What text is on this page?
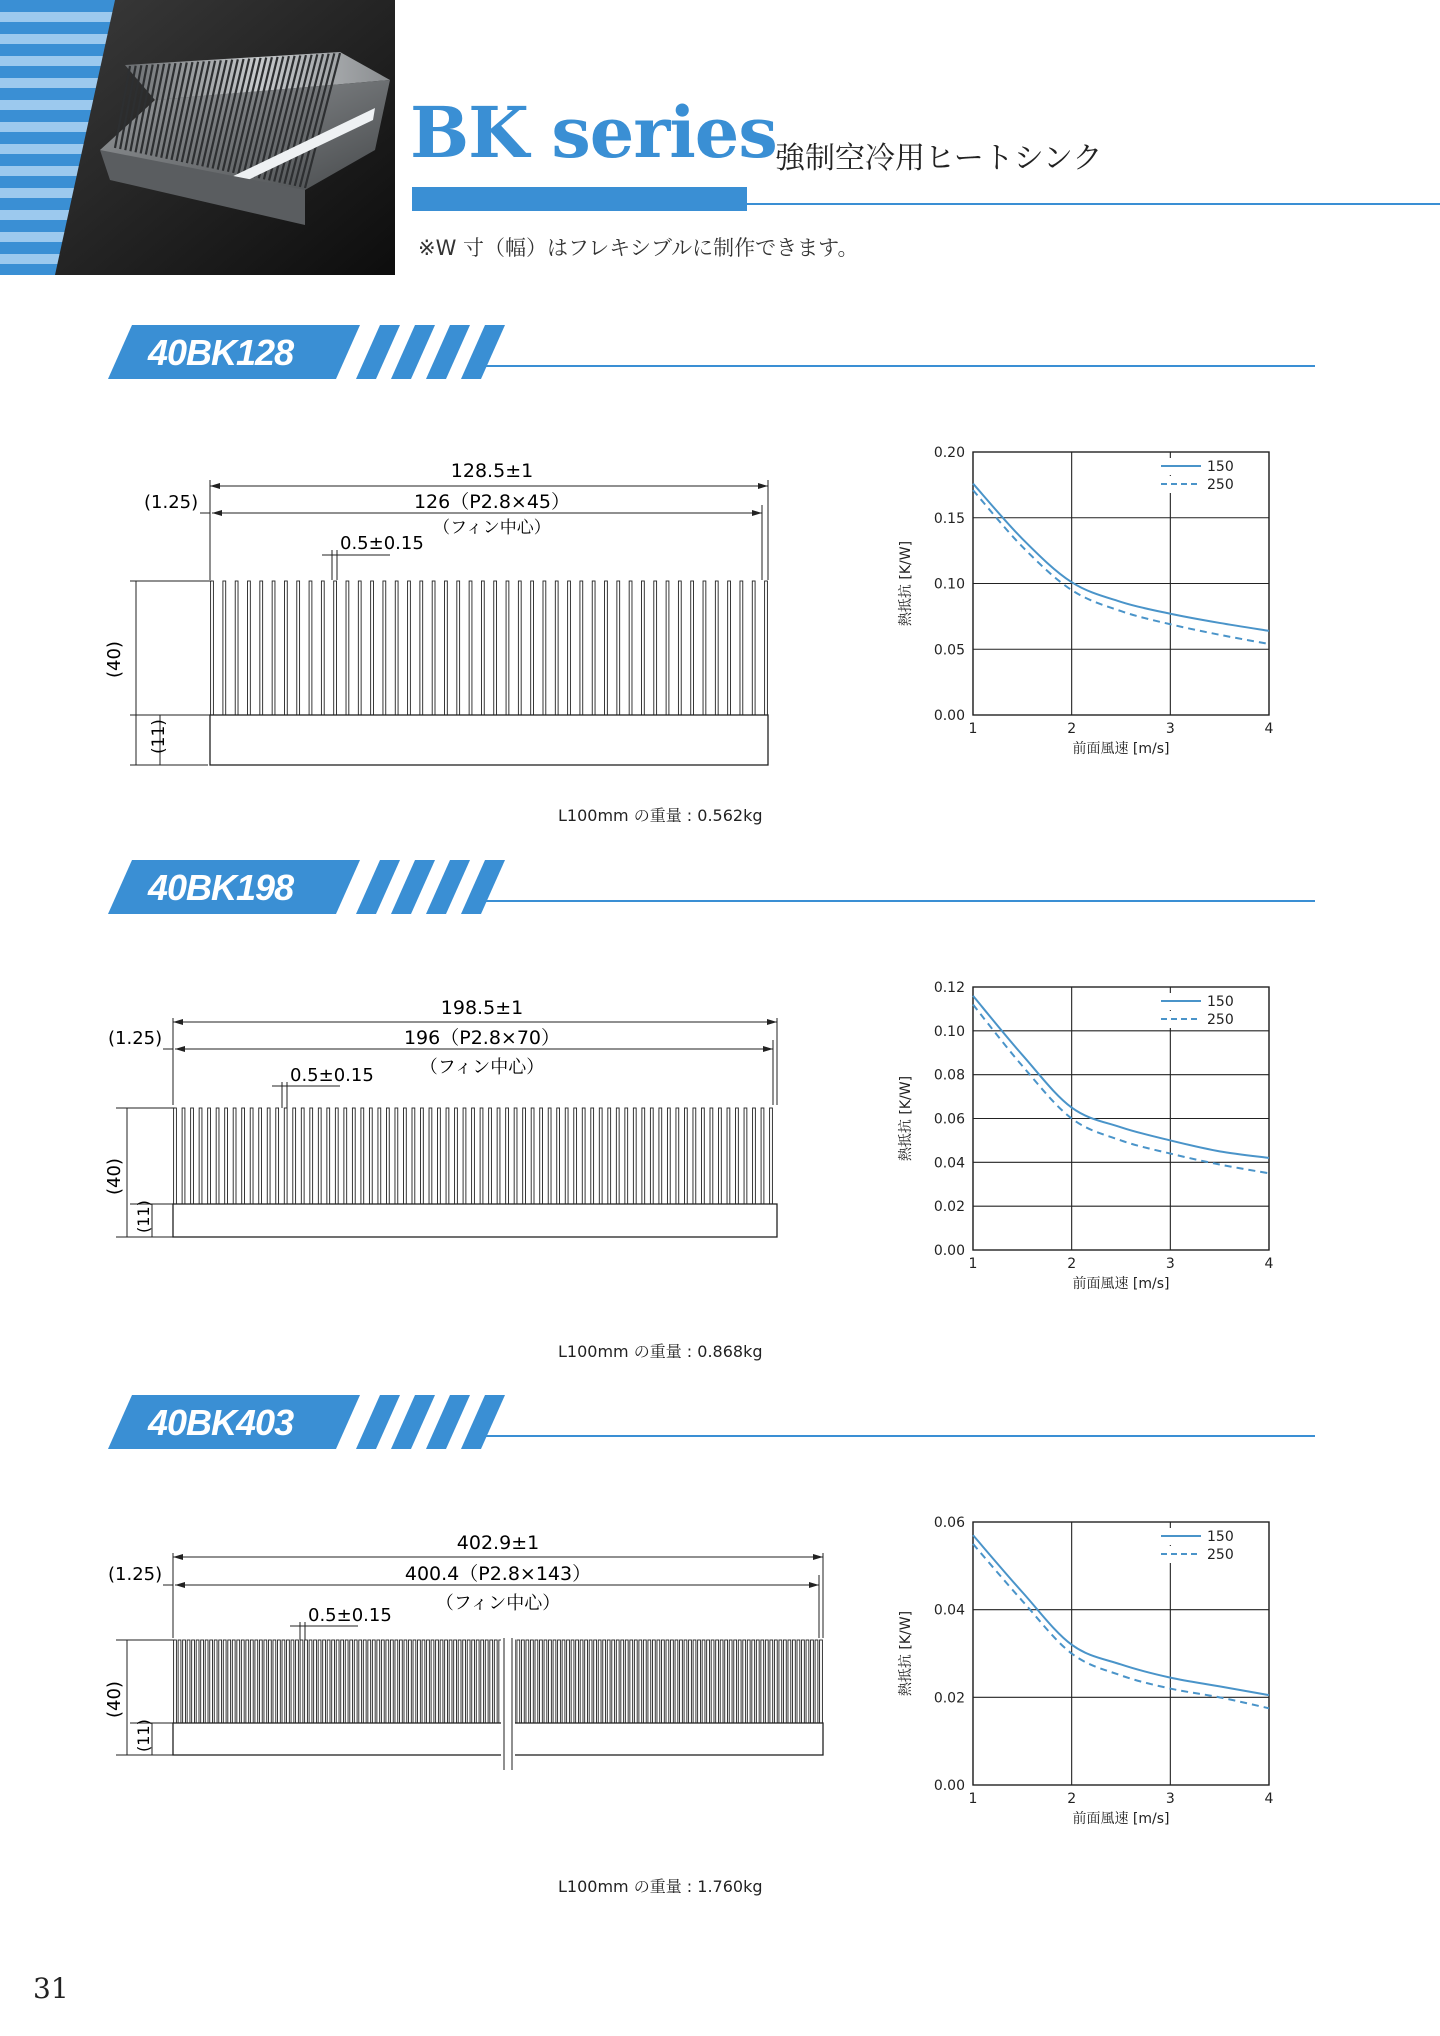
BK series
強制空冷用ヒートシンク
※W 寸（幅）はフレキシブルに制作できます。
40BK128
40BK198
40BK403
128.5±1
126（P2.8×45）
（フィン中心）
(1.25)
0.5±0.15
(40)
(11)
L100mm の重量 : 0.562kg
198.5±1
196（P2.8×70）
（フィン中心）
(1.25)
0.5±0.15
(40)
(11)
L100mm の重量 : 0.868kg
402.9±1
400.4（P2.8×143）
（フィン中心）
(1.25)
0.5±0.15
(40)
(11)
L100mm の重量 : 1.760kg
1	2	3	4
0.00
0.05
0.10
0.15
0.20
前面風速 [m/s]
熱抵抗 [K/W]
150
250
1	2	3	4
0.00
0.02
0.04
0.06
0.08
0.10
0.12
前面風速 [m/s]
熱抵抗 [K/W]
150
250
1	2	3	4
0.00
0.02
0.04
0.06
前面風速 [m/s]
熱抵抗 [K/W]
150
250
31
